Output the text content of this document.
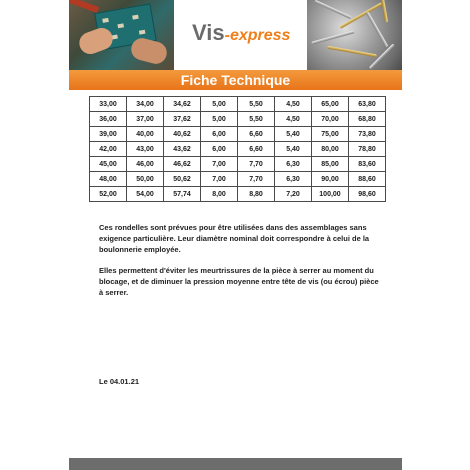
Vis-express
Fiche Technique
33,00	34,00	34,62	5,00	5,50	4,50	65,00	63,80
36,00	37,00	37,62	5,00	5,50	4,50	70,00	68,80
39,00	40,00	40,62	6,00	6,60	5,40	75,00	73,80
42,00	43,00	43,62	6,00	6,60	5,40	80,00	78,80
45,00	46,00	46,62	7,00	7,70	6,30	85,00	83,60
48,00	50,00	50,62	7,00	7,70	6,30	90,00	88,60
52,00	54,00	57,74	8,00	8,80	7,20	100,00	98,60

Ces rondelles sont prévues pour être utilisées dans des assemblages sans exigence particulière. Leur diamètre nominal doit correspondre à celui de la boulonnerie employée.

Elles permettent d'éviter les meurtrissures de la pièce à serrer au moment du blocage, et de diminuer la pression moyenne entre tête de vis (ou écrou) pièce à serrer.

Le 04.01.21
